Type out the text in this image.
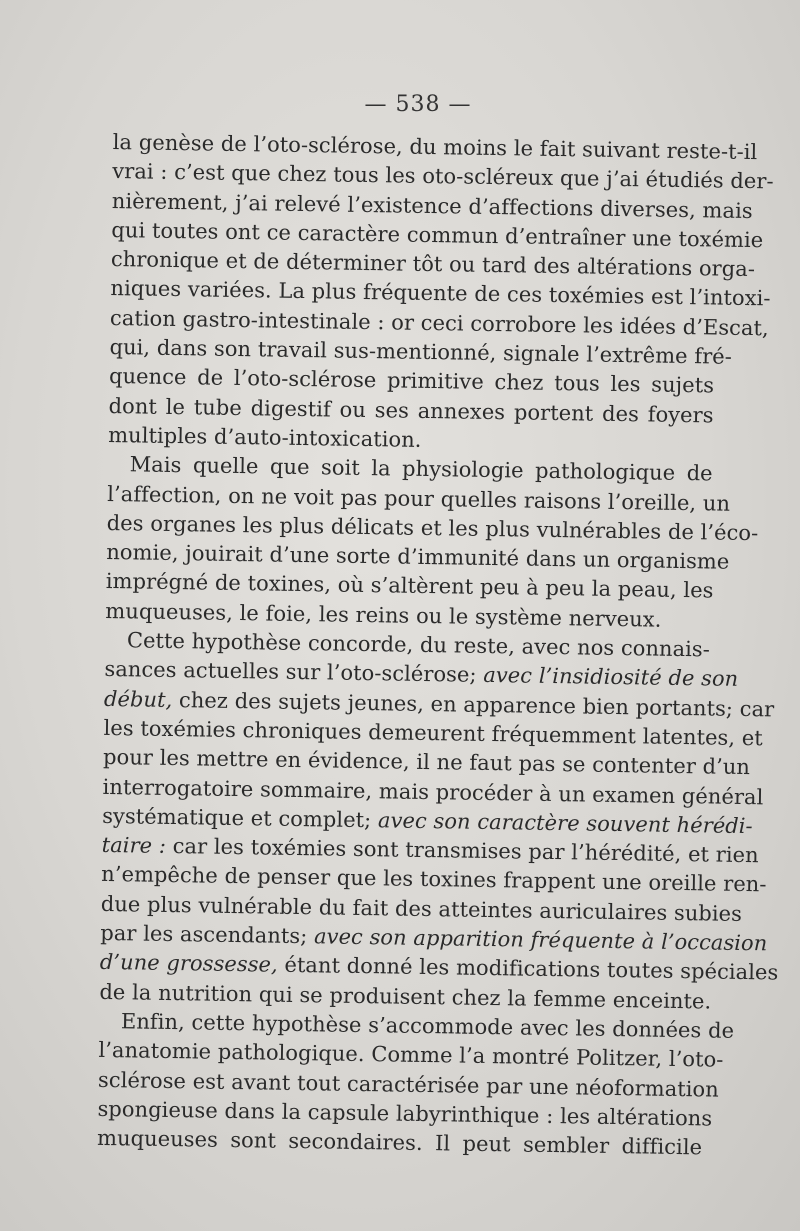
— 538 —
la genèse de l’oto-sclérose, du moins le fait suivant reste-t-il
vrai : c’est que chez tous les oto-scléreux que j’ai étudiés der-
nièrement, j’ai relevé l’existence d’affections diverses, mais
qui toutes ont ce caractère commun d’entraîner une toxémie
chronique et de déterminer tôt ou tard des altérations orga-
niques variées. La plus fréquente de ces toxémies est l’intoxi-
cation gastro-intestinale : or ceci corrobore les idées d’Escat,
qui, dans son travail sus-mentionné, signale l’extrême fré-
quence de l’oto-sclérose primitive chez tous les sujets
dont le tube digestif ou ses annexes portent des foyers
multiples d’auto-intoxication.
Mais quelle que soit la physiologie pathologique de
l’affection, on ne voit pas pour quelles raisons l’oreille, un
des organes les plus délicats et les plus vulnérables de l’éco-
nomie, jouirait d’une sorte d’immunité dans un organisme
imprégné de toxines, où s’altèrent peu à peu la peau, les
muqueuses, le foie, les reins ou le système nerveux.
Cette hypothèse concorde, du reste, avec nos connais-
sances actuelles sur l’oto-sclérose; avec l’insidiosité de son
début, chez des sujets jeunes, en apparence bien portants; car
les toxémies chroniques demeurent fréquemment latentes, et
pour les mettre en évidence, il ne faut pas se contenter d’un
interrogatoire sommaire, mais procéder à un examen général
systématique et complet; avec son caractère souvent hérédi-
taire : car les toxémies sont transmises par l’hérédité, et rien
n’empêche de penser que les toxines frappent une oreille ren-
due plus vulnérable du fait des atteintes auriculaires subies
par les ascendants; avec son apparition fréquente à l’occasion
d’une grossesse, étant donné les modifications toutes spéciales
de la nutrition qui se produisent chez la femme enceinte.
Enfin, cette hypothèse s’accommode avec les données de
l’anatomie pathologique. Comme l’a montré Politzer, l’oto-
sclérose est avant tout caractérisée par une néoformation
spongieuse dans la capsule labyrinthique : les altérations
muqueuses sont secondaires. Il peut sembler difficile
